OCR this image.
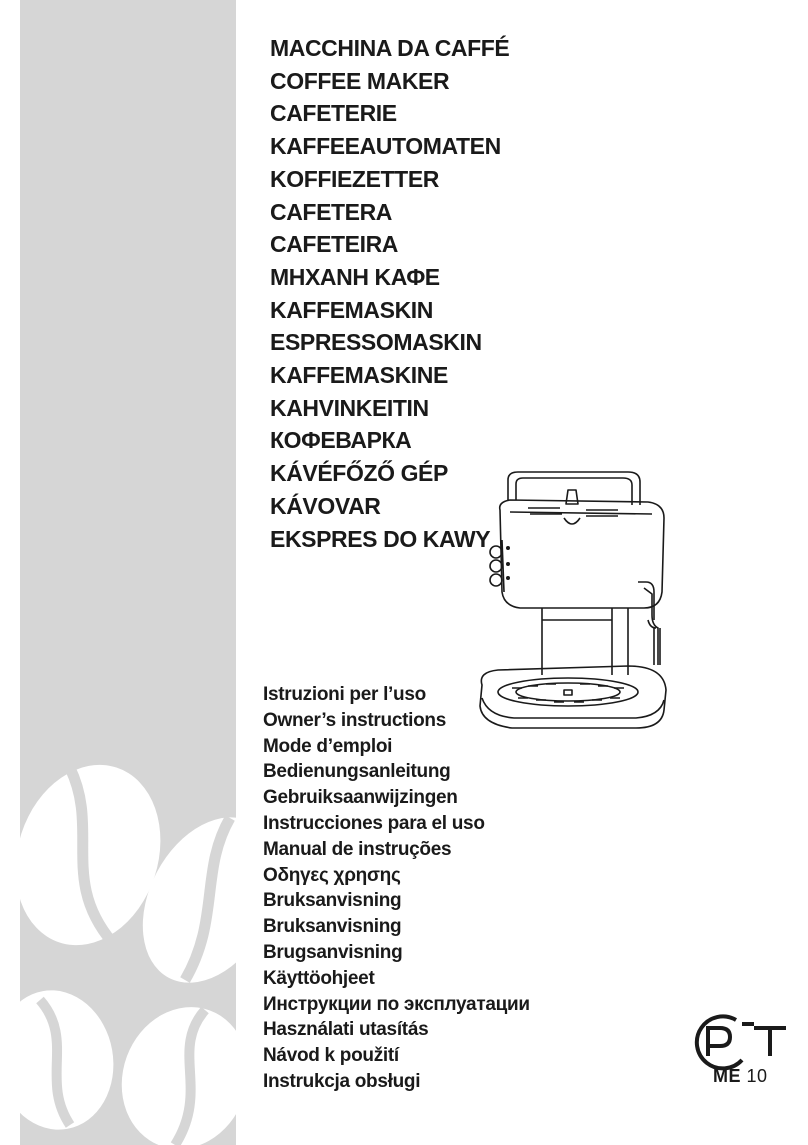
MACCHINA DA CAFFÉ
COFFEE MAKER
CAFETERIE
KAFFEEAUTOMATEN
KOFFIEZETTER
CAFETERA
CAFETEIRA
ΜΗΧΑΝΗ ΚΑΦΕ
KAFFEMASKIN
ESPRESSOMASKIN
KAFFEMASKINE
KAHVINKEITIN
КОФЕВАРКА
KÁVÉFŐZŐ GÉP
KÁVOVAR
EKSPRES DO KAWY
Istruzioni per l’uso
Owner’s instructions
Mode d’emploi
Bedienungsanleitung
Gebruiksaanwijzingen
Instrucciones para el uso
Manual de instruções
Οδηγες χρησης
Bruksanvisning
Bruksanvisning
Brugsanvisning
Käyttöohjeet
Инструкции по эксплуатации
Használati utasítás
Návod k použití
Instrukcja obsługi	ME 10
